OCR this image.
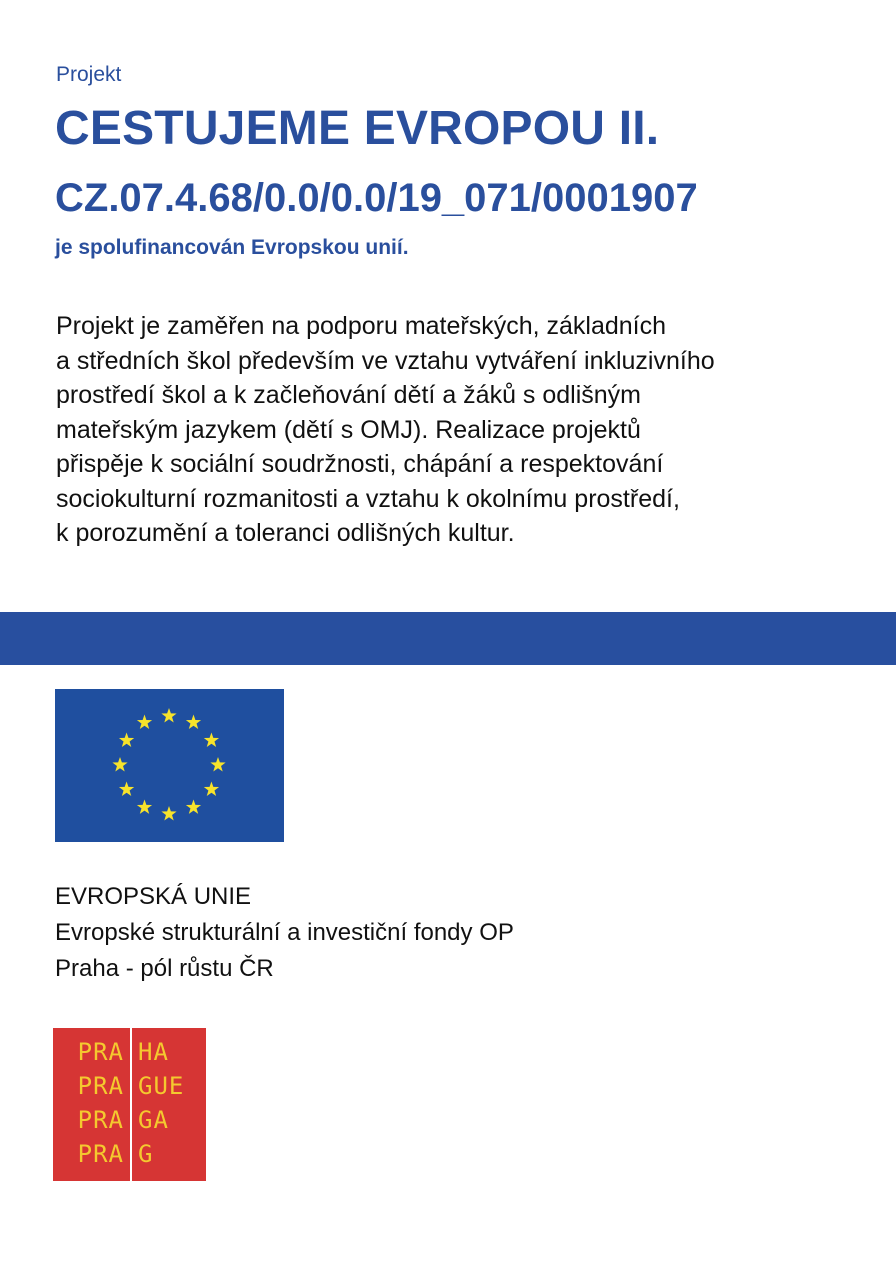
Projekt
CESTUJEME EVROPOU II.
CZ.07.4.68/0.0/0.0/19_071/0001907
je spolufinancován Evropskou unií.
Projekt je zaměřen na podporu mateřských, základních
a středních škol především ve vztahu vytváření inkluzivního
prostředí škol a k začleňování dětí a žáků s odlišným
mateřským jazykem (dětí s OMJ). Realizace projektů
přispěje k sociální soudržnosti, chápání a respektování
sociokulturní rozmanitosti a vztahu k okolnímu prostředí,
k porozumění a toleranci odlišných kultur.
EVROPSKÁ UNIE
Evropské strukturální a investiční fondy OP
Praha - pól růstu ČR
PRA HA
PRA GUE
PRA GA
PRA G
